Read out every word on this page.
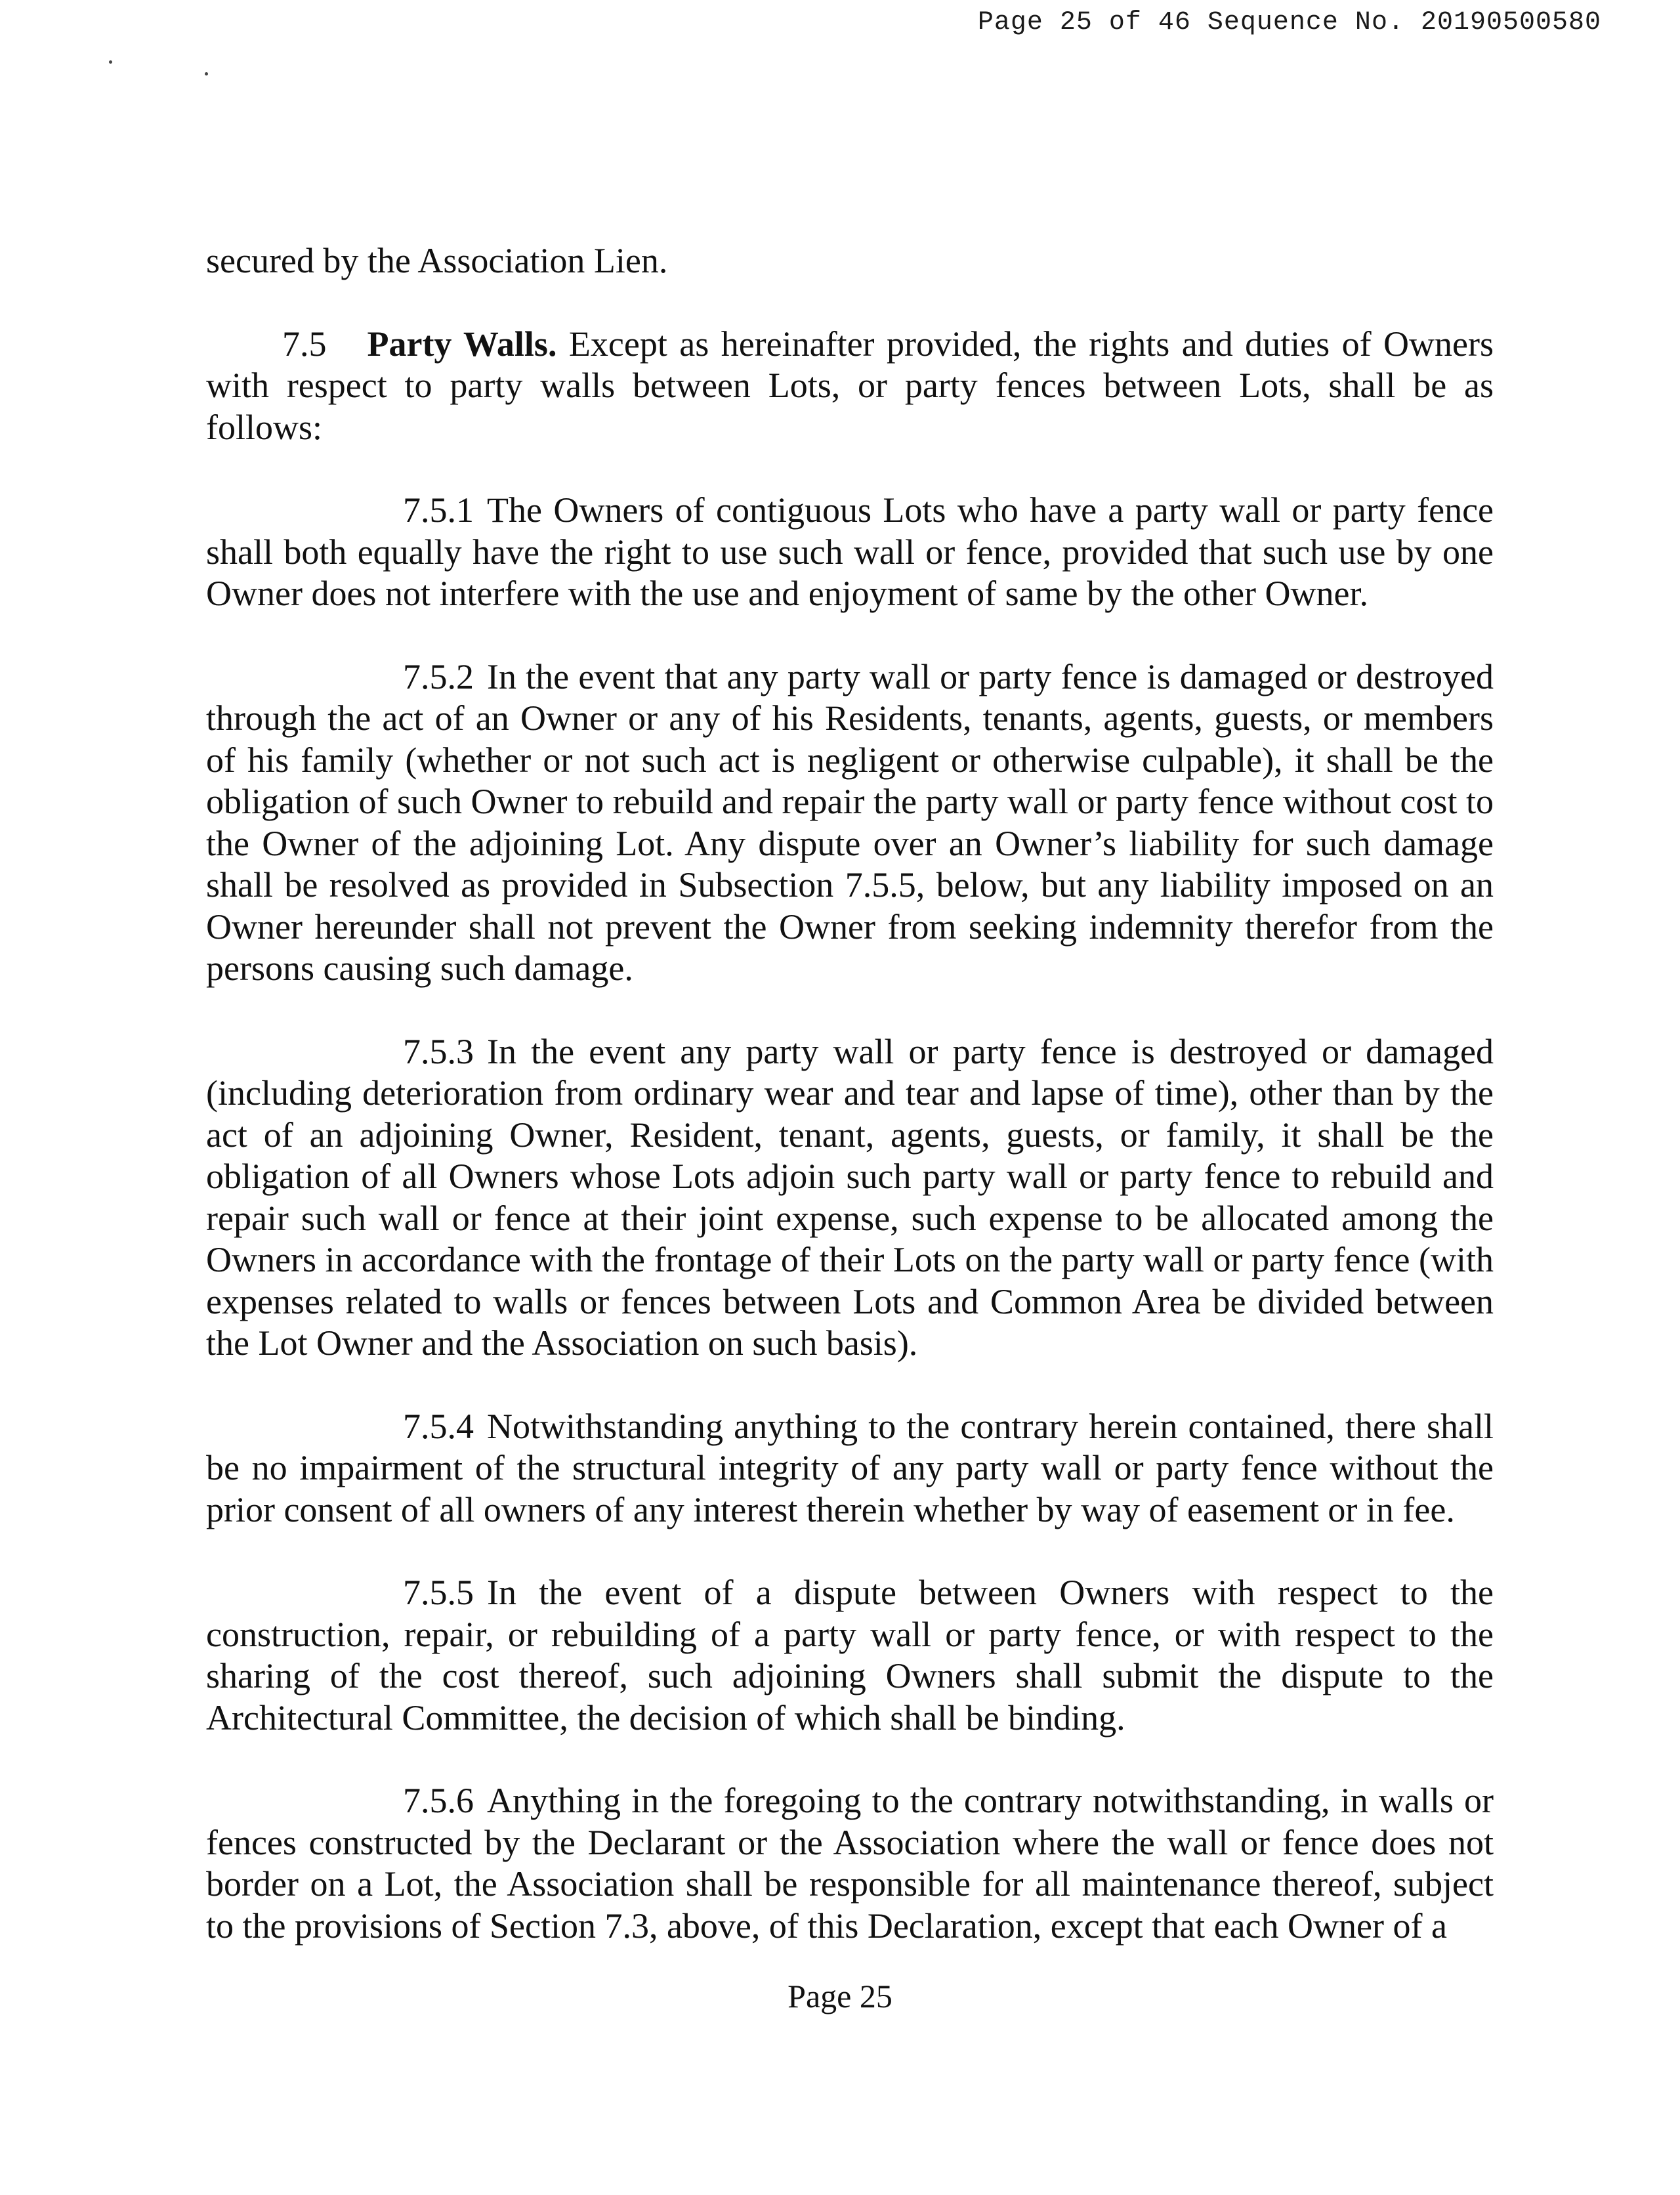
Page 25 of 46 Sequence No. 20190500580

secured by the Association Lien.

7.5 Party Walls. Except as hereinafter provided, the rights and duties of Owners with respect to party walls between Lots, or party fences between Lots, shall be as follows:

7.5.1 The Owners of contiguous Lots who have a party wall or party fence shall both equally have the right to use such wall or fence, provided that such use by one Owner does not interfere with the use and enjoyment of same by the other Owner.

7.5.2 In the event that any party wall or party fence is damaged or destroyed through the act of an Owner or any of his Residents, tenants, agents, guests, or members of his family (whether or not such act is negligent or otherwise culpable), it shall be the obligation of such Owner to rebuild and repair the party wall or party fence without cost to the Owner of the adjoining Lot. Any dispute over an Owner’s liability for such damage shall be resolved as provided in Subsection 7.5.5, below, but any liability imposed on an Owner hereunder shall not prevent the Owner from seeking indemnity therefor from the persons causing such damage.

7.5.3 In the event any party wall or party fence is destroyed or damaged (including deterioration from ordinary wear and tear and lapse of time), other than by the act of an adjoining Owner, Resident, tenant, agents, guests, or family, it shall be the obligation of all Owners whose Lots adjoin such party wall or party fence to rebuild and repair such wall or fence at their joint expense, such expense to be allocated among the Owners in accordance with the frontage of their Lots on the party wall or party fence (with expenses related to walls or fences between Lots and Common Area be divided between the Lot Owner and the Association on such basis).

7.5.4 Notwithstanding anything to the contrary herein contained, there shall be no impairment of the structural integrity of any party wall or party fence without the prior consent of all owners of any interest therein whether by way of easement or in fee.

7.5.5 In the event of a dispute between Owners with respect to the construction, repair, or rebuilding of a party wall or party fence, or with respect to the sharing of the cost thereof, such adjoining Owners shall submit the dispute to the Architectural Committee, the decision of which shall be binding.

7.5.6 Anything in the foregoing to the contrary notwithstanding, in walls or fences constructed by the Declarant or the Association where the wall or fence does not border on a Lot, the Association shall be responsible for all maintenance thereof, subject to the provisions of Section 7.3, above, of this Declaration, except that each Owner of a

Page 25
